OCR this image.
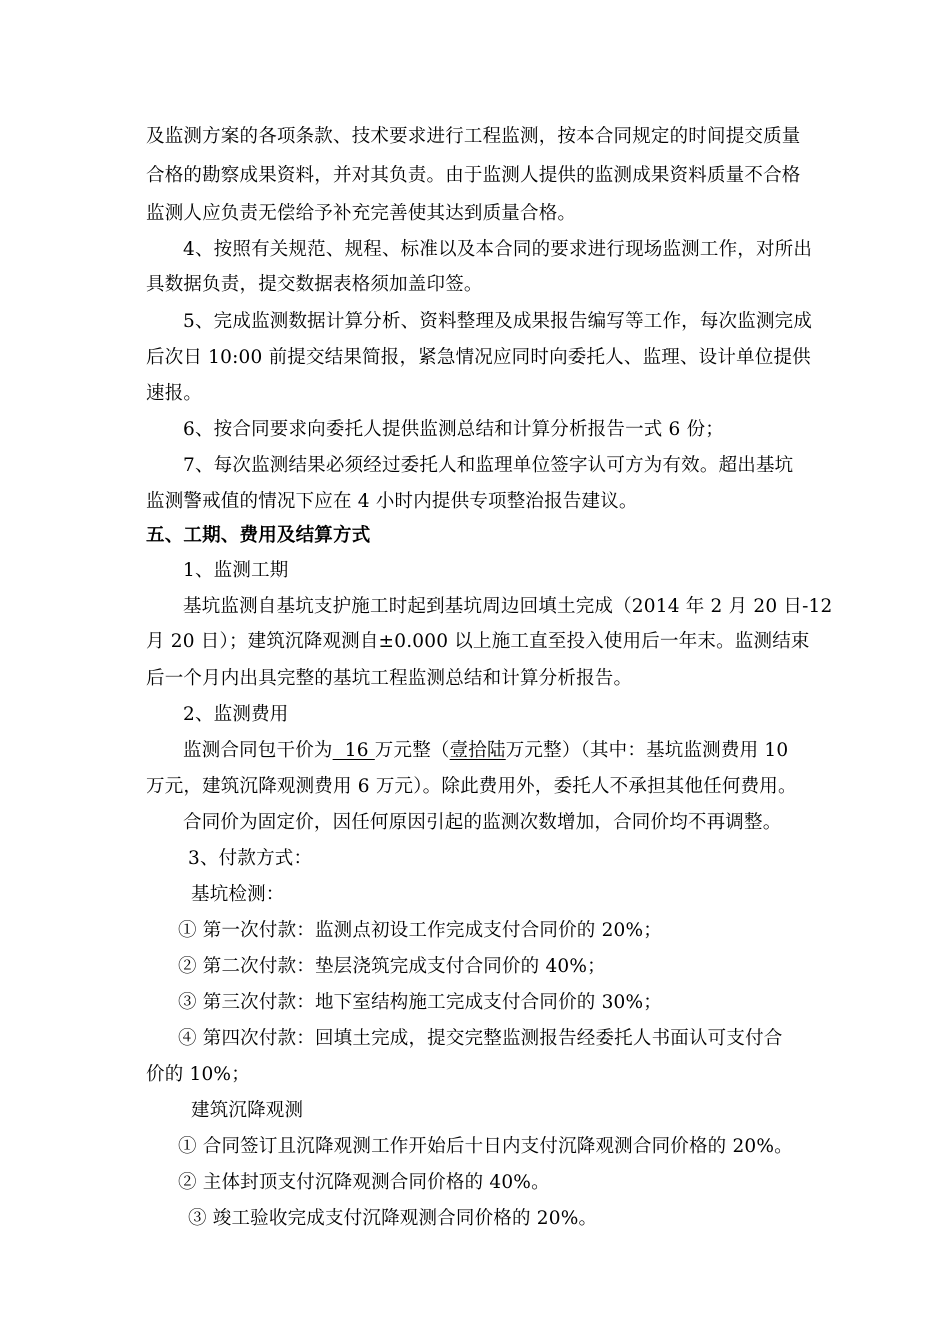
及监测方案的各项条款、技术要求进行工程监测，按本合同规定的时间提交质量
合格的勘察成果资料，并对其负责。由于监测人提供的监测成果资料质量不合格
监测人应负责无偿给予补充完善使其达到质量合格。
4、按照有关规范、规程、标准以及本合同的要求进行现场监测工作，对所出
具数据负责，提交数据表格须加盖印签。
5、完成监测数据计算分析、资料整理及成果报告编写等工作，每次监测完成
后次日 10:00 前提交结果简报，紧急情况应同时向委托人、监理、设计单位提供
速报。
6、按合同要求向委托人提供监测总结和计算分析报告一式 6 份；
7、每次监测结果必须经过委托人和监理单位签字认可方为有效。超出基坑
监测警戒值的情况下应在 4 小时内提供专项整治报告建议。
五、工期、费用及结算方式
1、监测工期
基坑监测自基坑支护施工时起到基坑周边回填土完成（2014 年 2 月 20 日-12
月 20 日）；建筑沉降观测自±0.000 以上施工直至投入使用后一年末。监测结束
后一个月内出具完整的基坑工程监测总结和计算分析报告。
2、监测费用
监测合同包干价为  16 万元整（壹拾陆万元整）（其中：基坑监测费用 10
万元，建筑沉降观测费用 6 万元）。除此费用外，委托人不承担其他任何费用。
合同价为固定价，因任何原因引起的监测次数增加，合同价均不再调整。
3、付款方式：
基坑检测：
① 第一次付款：监测点初设工作完成支付合同价的 20%；
② 第二次付款：垫层浇筑完成支付合同价的 40%；
③ 第三次付款：地下室结构施工完成支付合同价的 30%；
④ 第四次付款：回填土完成，提交完整监测报告经委托人书面认可支付合
价的 10%；
建筑沉降观测
① 合同签订且沉降观测工作开始后十日内支付沉降观测合同价格的 20%。
② 主体封顶支付沉降观测合同价格的 40%。
③ 竣工验收完成支付沉降观测合同价格的 20%。
